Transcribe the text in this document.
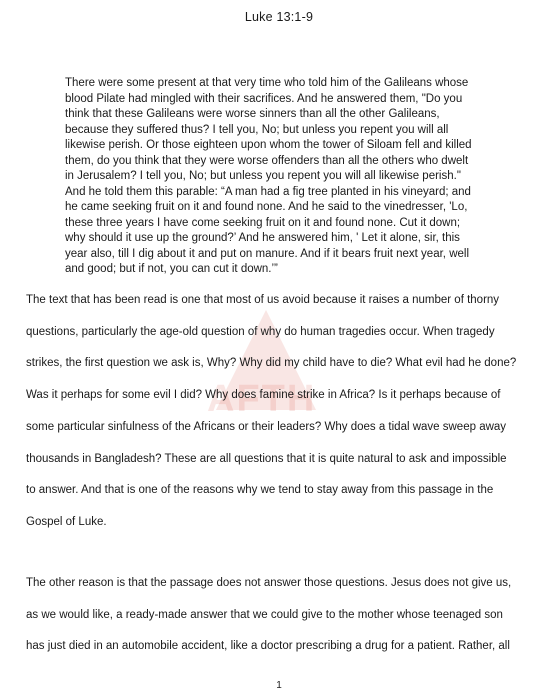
Luke 13:1-9
AFTH

There were some present at that very time who told him of the Galileans whose

blood Pilate had mingled with their sacrifices. And he answered them, "Do you

think that these Galileans were worse sinners than all the other Galileans,

because they suffered thus? I tell you, No; but unless you repent you will all

likewise perish. Or those eighteen upon whom the tower of Siloam fell and killed

them, do you think that they were worse offenders than all the others who dwelt

in Jerusalem? I tell you, No; but unless you repent you will all likewise perish."

And he told them this parable: “A man had a fig tree planted in his vineyard; and

he came seeking fruit on it and found none. And he said to the vinedresser, 'Lo,

these three years I have come seeking fruit on it and found none. Cut it down;

why should it use up the ground?’ And he answered him, ' Let it alone, sir, this

year also, till I dig about it and put on manure. And if it bears fruit next year, well

and good; but if not, you can cut it down.’”

The text that has been read is one that most of us avoid because it raises a number of thorny

questions, particularly the age-old question of why do human tragedies occur. When tragedy

strikes, the first question we ask is, Why? Why did my child have to die? What evil had he done?

Was it perhaps for some evil I did? Why does famine strike in Africa? Is it perhaps because of

some particular sinfulness of the Africans or their leaders? Why does a tidal wave sweep away

thousands in Bangladesh? These are all questions that it is quite natural to ask and impossible

to answer. And that is one of the reasons why we tend to stay away from this passage in the

Gospel of Luke.

The other reason is that the passage does not answer those questions. Jesus does not give us,

as we would like, a ready-made answer that we could give to the mother whose teenaged son

has just died in an automobile accident, like a doctor prescribing a drug for a patient. Rather, all

1
